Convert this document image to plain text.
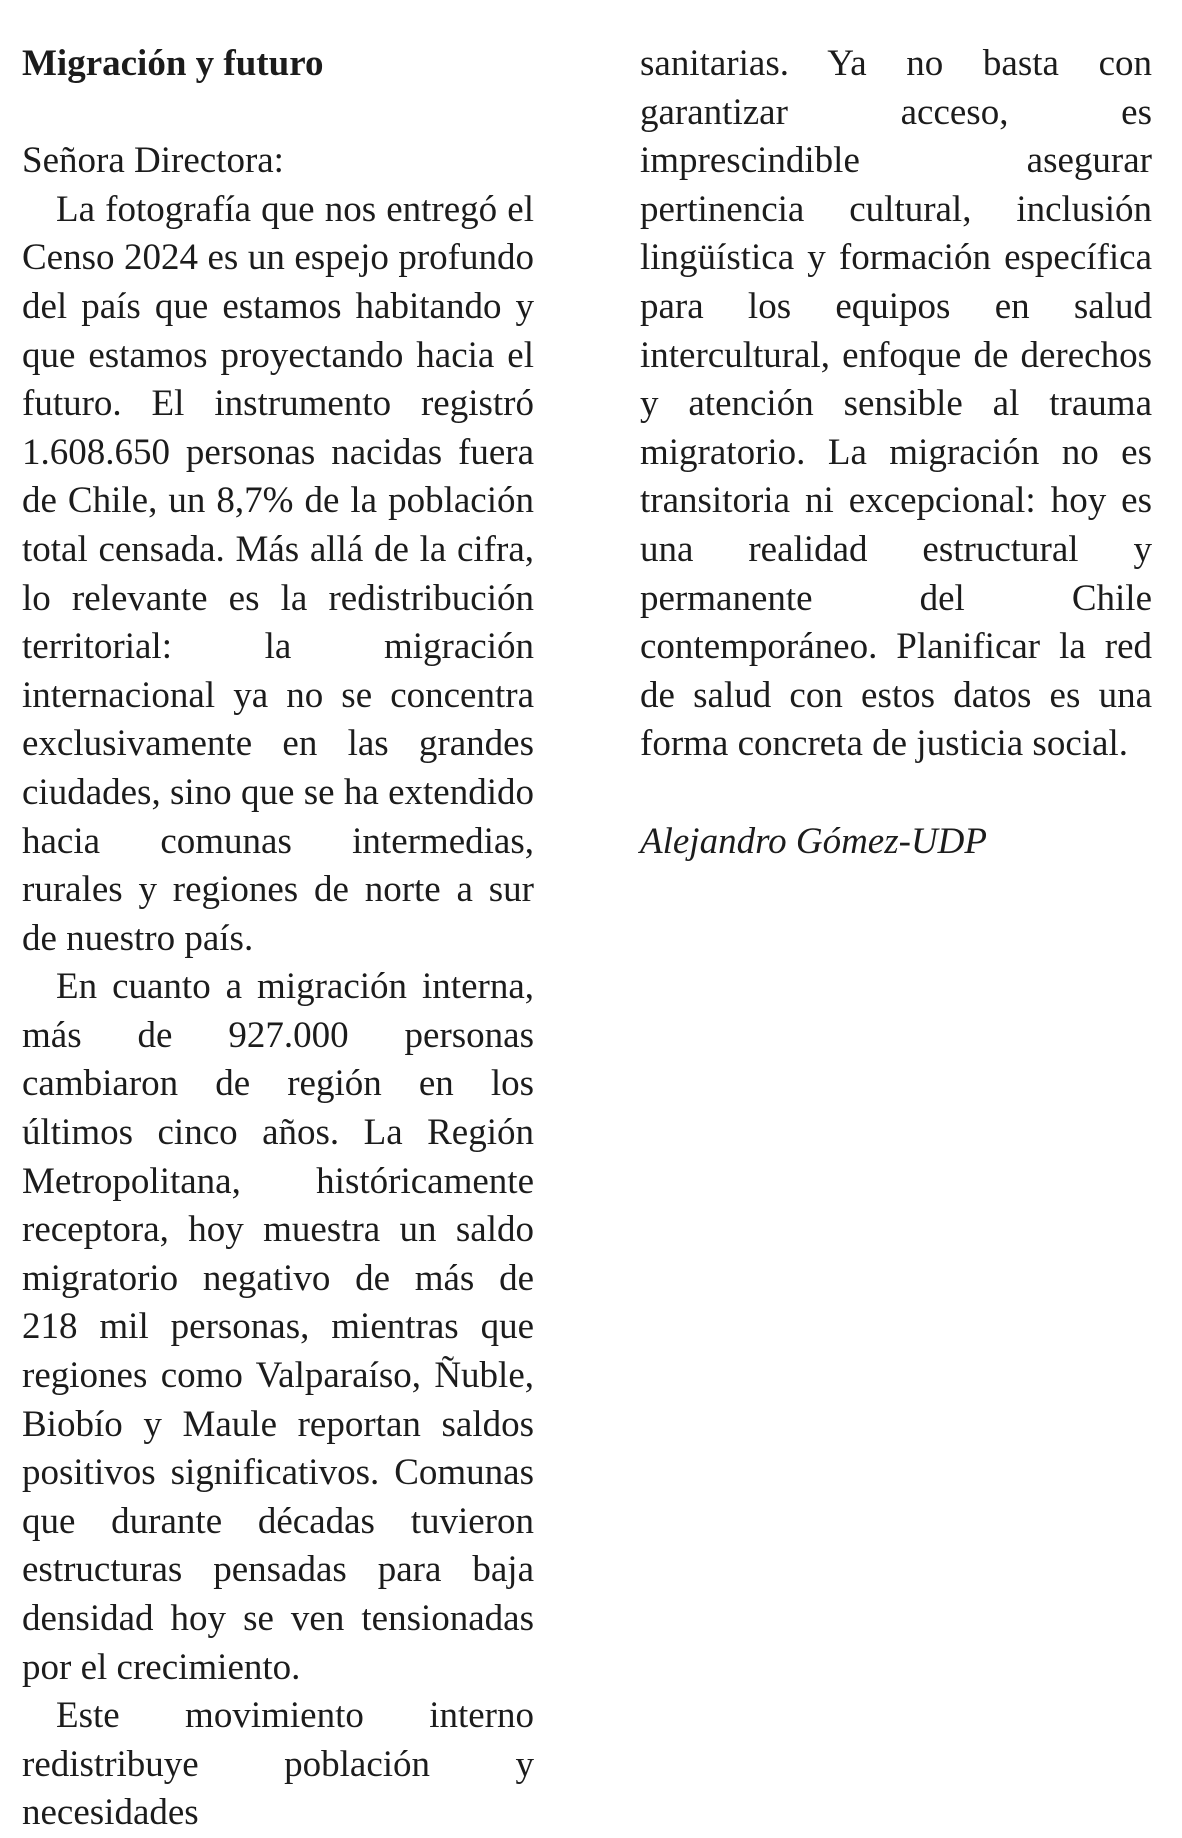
Migración y futuro

Señora Directora:

La fotografía que nos entregó el Censo 2024 es un espejo profundo del país que estamos habitando y que estamos proyectando hacia el futuro. El instrumento registró 1.608.650 personas nacidas fuera de Chile, un 8,7% de la población total censada. Más allá de la cifra, lo relevante es la redistribución territorial: la migración internacional ya no se concentra exclusivamente en las grandes ciudades, sino que se ha extendido hacia comunas intermedias, rurales y regiones de norte a sur de nuestro país.

En cuanto a migración interna, más de 927.000 personas cambiaron de región en los últimos cinco años. La Región Metropolitana, históricamente receptora, hoy muestra un saldo migratorio negativo de más de 218 mil personas, mientras que regiones como Valparaíso, Ñuble, Biobío y Maule reportan saldos positivos significativos. Comunas que durante décadas tuvieron estructuras pensadas para baja densidad hoy se ven tensionadas por el crecimiento.

Este movimiento interno redistribuye población y necesidades

sanitarias. Ya no basta con garantizar acceso, es imprescindible asegurar pertinencia cultural, inclusión lingüística y formación específica para los equipos en salud intercultural, enfoque de derechos y atención sensible al trauma migratorio. La migración no es transitoria ni excepcional: hoy es una realidad estructural y permanente del Chile contemporáneo. Planificar la red de salud con estos datos es una forma concreta de justicia social.

Alejandro Gómez-UDP
